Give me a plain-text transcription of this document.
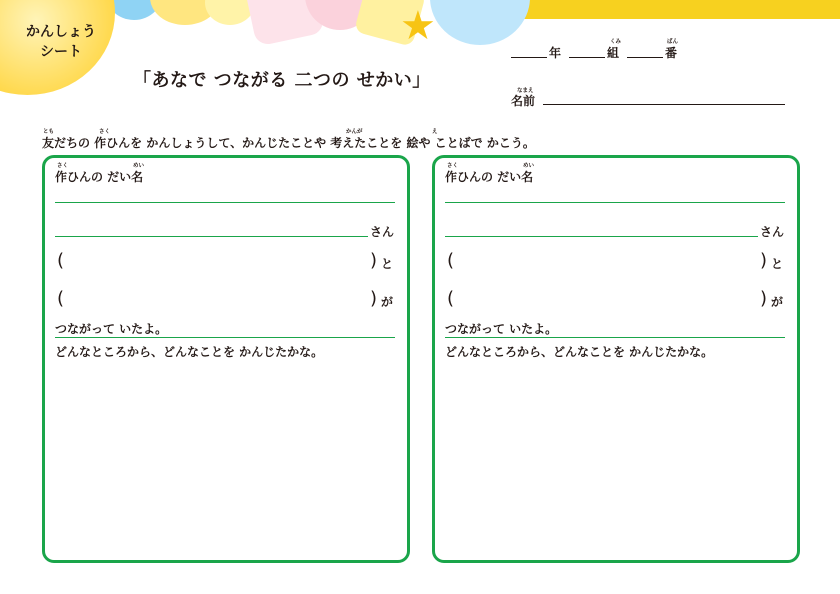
★
かんしょう
シート
「あなで つながる 二つの せかい」
年
くみ
組
ばん
番
なまえ
名前
とも	さく	かんが	え
友だちの 作ひんを かんしょうして、かんじたことや 考えたことを 絵や ことばで かこう。
さく	めい
作ひんの だい名
さん
(	) と
(	) が
つながって いたよ。
どんなところから、どんなことを かんじたかな。
さく	めい
作ひんの だい名
さん
(	) と
(	) が
つながって いたよ。
どんなところから、どんなことを かんじたかな。
